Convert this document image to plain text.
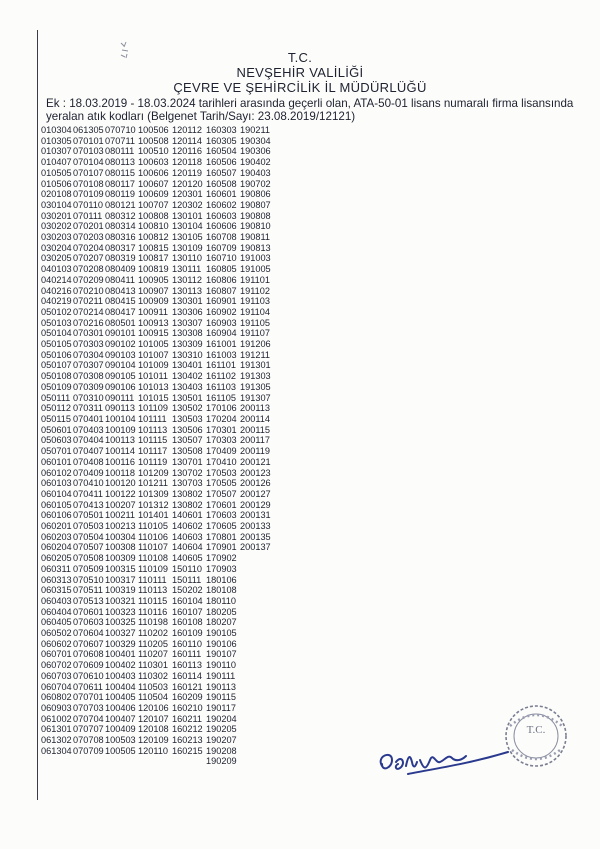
T.C.
NEVŞEHİR VALİLİĞİ
ÇEVRE VE ŞEHİRCİLİK İL MÜDÜRLÜĞÜ
Ek : 18.03.2019 - 18.03.2024 tarihleri arasında geçerli olan, ATA-50-01 lisans numaralı firma lisansında yeralan atık kodları (Belgenet Tarih/Sayı: 23.08.2019/12121)
010304
010305
010307
010407
010505
010506
020108
030104
030201
030202
030203
030204
030205
040103
040214
040216
040219
050102
050103
050104
050105
050106
050107
050108
050109
050111
050112
050115
050601
050603
050701
060101
060102
060103
060104
060105
060106
060201
060203
060204
060205
060311
060313
060315
060403
060404
060405
060502
060602
060701
060702
060703
060704
060802
060903
061002
061301
061302
061304
061305
070101
070103
070104
070107
070108
070109
070110
070111
070201
070203
070204
070207
070208
070209
070210
070211
070214
070216
070301
070303
070304
070307
070308
070309
070310
070311
070401
070403
070404
070407
070408
070409
070410
070411
070413
070501
070503
070504
070507
070508
070509
070510
070511
070513
070601
070603
070604
070607
070608
070609
070610
070611
070701
070703
070704
070707
070708
070709
070710
070711
080111
080113
080115
080117
080119
080121
080312
080314
080316
080317
080319
080409
080411
080413
080415
080417
080501
090101
090102
090103
090104
090105
090106
090111
090113
100104
100109
100113
100114
100116
100118
100120
100122
100207
100211
100213
100304
100308
100309
100315
100317
100319
100321
100323
100325
100327
100329
100401
100402
100403
100404
100405
100406
100407
100409
100503
100505
100506
100508
100510
100603
100606
100607
100609
100707
100808
100810
100812
100815
100817
100819
100905
100907
100909
100911
100913
100915
101005
101007
101009
101011
101013
101015
101109
101111
101113
101115
101117
101119
101209
101211
101309
101312
101401
110105
110106
110107
110108
110109
110111
110113
110115
110116
110198
110202
110205
110207
110301
110302
110503
110504
120106
120107
120108
120109
120110
120112
120114
120116
120118
120119
120120
120301
120302
130101
130104
130105
130109
130110
130111
130112
130113
130301
130306
130307
130308
130309
130310
130401
130402
130403
130501
130502
130503
130506
130507
130508
130701
130702
130703
130802
130802
140601
140602
140603
140604
140605
150110
150111
150202
160104
160107
160108
160109
160110
160111
160113
160114
160121
160209
160210
160211
160212
160213
160215
160303
160305
160504
160506
160507
160508
160601
160602
160603
160606
160708
160709
160710
160805
160806
160807
160901
160902
160903
160904
161001
161003
161101
161102
161103
161105
170106
170204
170301
170303
170409
170410
170503
170505
170507
170601
170603
170605
170801
170901
170902
170903
180106
180108
180110
180205
180207
190105
190106
190107
190110
190111
190113
190115
190117
190204
190205
190207
190208
190209
190211
190304
190306
190402
190403
190702
190806
190807
190808
190810
190811
190813
191003
191005
191101
191102
191103
191104
191105
191107
191206
191211
191301
191303
191305
191307
200113
200114
200115
200117
200119
200121
200123
200126
200127
200129
200131
200133
200135
200137
T.C.
